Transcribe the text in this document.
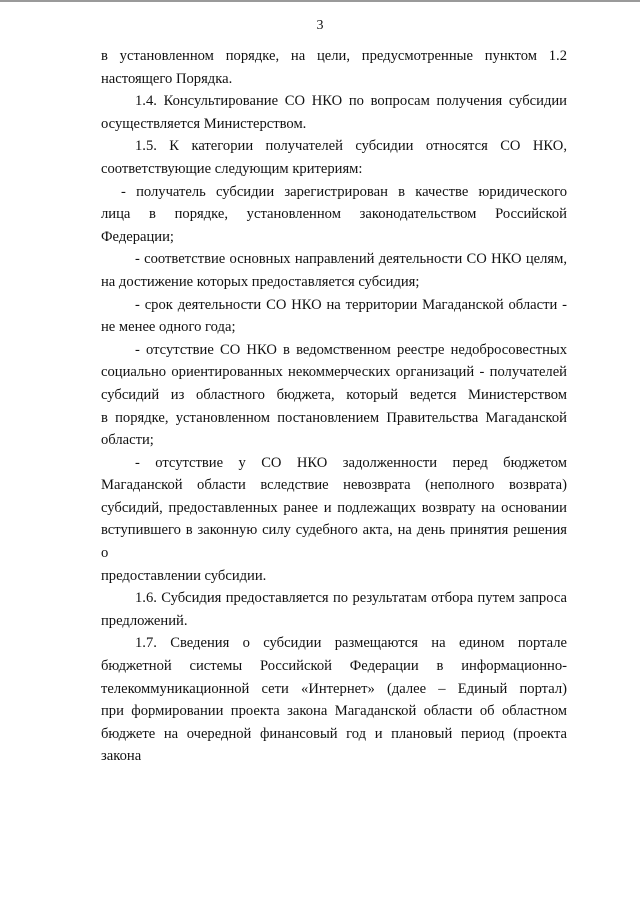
3
в установленном порядке, на цели, предусмотренные пунктом 1.2
настоящего Порядка.
1.4. Консультирование СО НКО по вопросам получения субсидии
осуществляется Министерством.
1.5. К категории получателей субсидии относятся СО НКО,
соответствующие следующим критериям:
- получатель субсидии зарегистрирован в качестве юридического
лица в порядке, установленном законодательством Российской
Федерации;
- соответствие основных направлений деятельности СО НКО целям,
на достижение которых предоставляется субсидия;
- срок деятельности СО НКО на территории Магаданской области -
не менее одного года;
- отсутствие СО НКО в ведомственном реестре недобросовестных
социально ориентированных некоммерческих организаций - получателей
субсидий из областного бюджета, который ведется Министерством
в порядке, установленном постановлением Правительства Магаданской
области;
- отсутствие у СО НКО задолженности перед бюджетом
Магаданской области вследствие невозврата (неполного возврата)
субсидий, предоставленных ранее и подлежащих возврату на основании
вступившего в законную силу судебного акта, на день принятия решения о
предоставлении субсидии.
1.6. Субсидия предоставляется по результатам отбора путем запроса
предложений.
1.7. Сведения о субсидии размещаются на едином портале
бюджетной системы Российской Федерации в информационно-
телекоммуникационной сети «Интернет» (далее – Единый портал)
при формировании проекта закона Магаданской области об областном
бюджете на очередной финансовый год и плановый период (проекта закона
